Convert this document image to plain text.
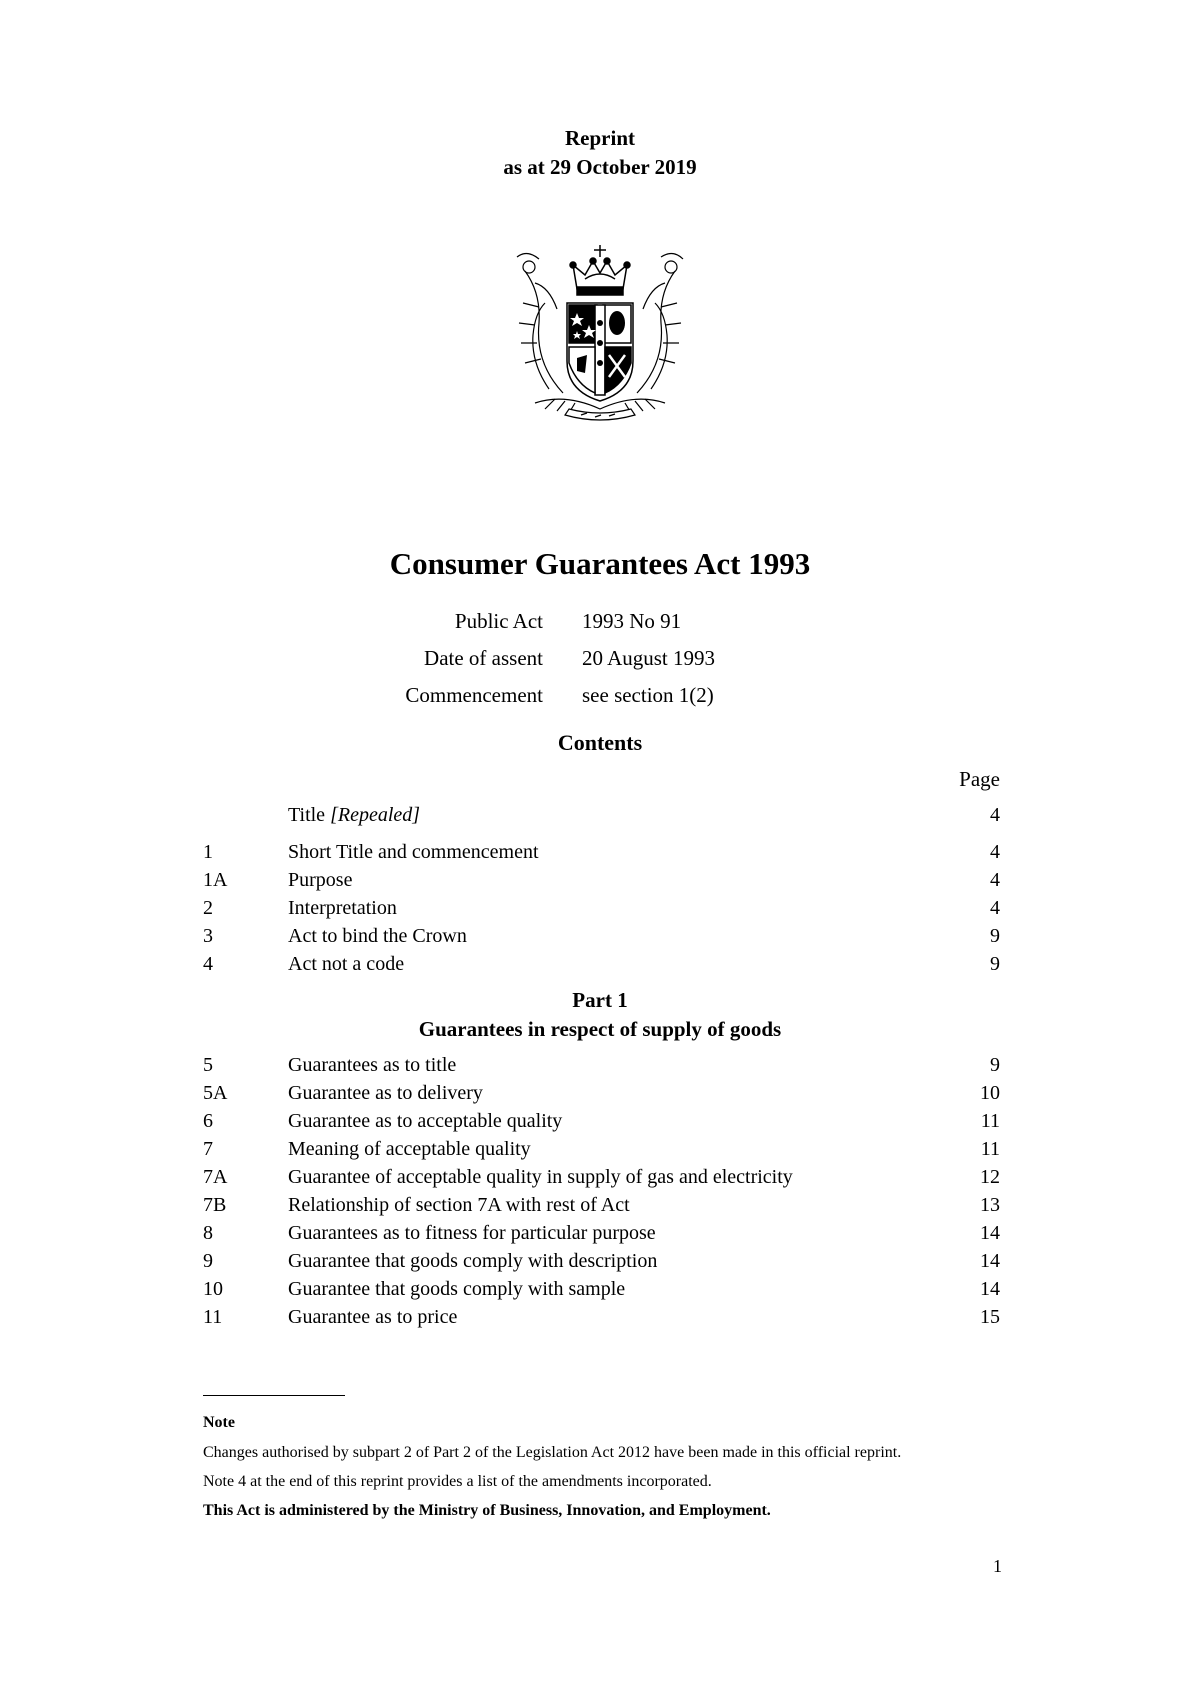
Reprint
as at 29 October 2019
Consumer Guarantees Act 1993
Public Act	1993 No 91
Date of assent	20 August 1993
Commencement	see section 1(2)
Contents
Page
Title [Repealed]	4
1	Short Title and commencement	4
1A	Purpose	4
2	Interpretation	4
3	Act to bind the Crown	9
4	Act not a code	9
Part 1
Guarantees in respect of supply of goods
5	Guarantees as to title	9
5A	Guarantee as to delivery	10
6	Guarantee as to acceptable quality	11
7	Meaning of acceptable quality	11
7A	Guarantee of acceptable quality in supply of gas and electricity	12
7B	Relationship of section 7A with rest of Act	13
8	Guarantees as to fitness for particular purpose	14
9	Guarantee that goods comply with description	14
10	Guarantee that goods comply with sample	14
11	Guarantee as to price	15
Note
Changes authorised by subpart 2 of Part 2 of the Legislation Act 2012 have been made in this official reprint.
Note 4 at the end of this reprint provides a list of the amendments incorporated.
This Act is administered by the Ministry of Business, Innovation, and Employment.
1
